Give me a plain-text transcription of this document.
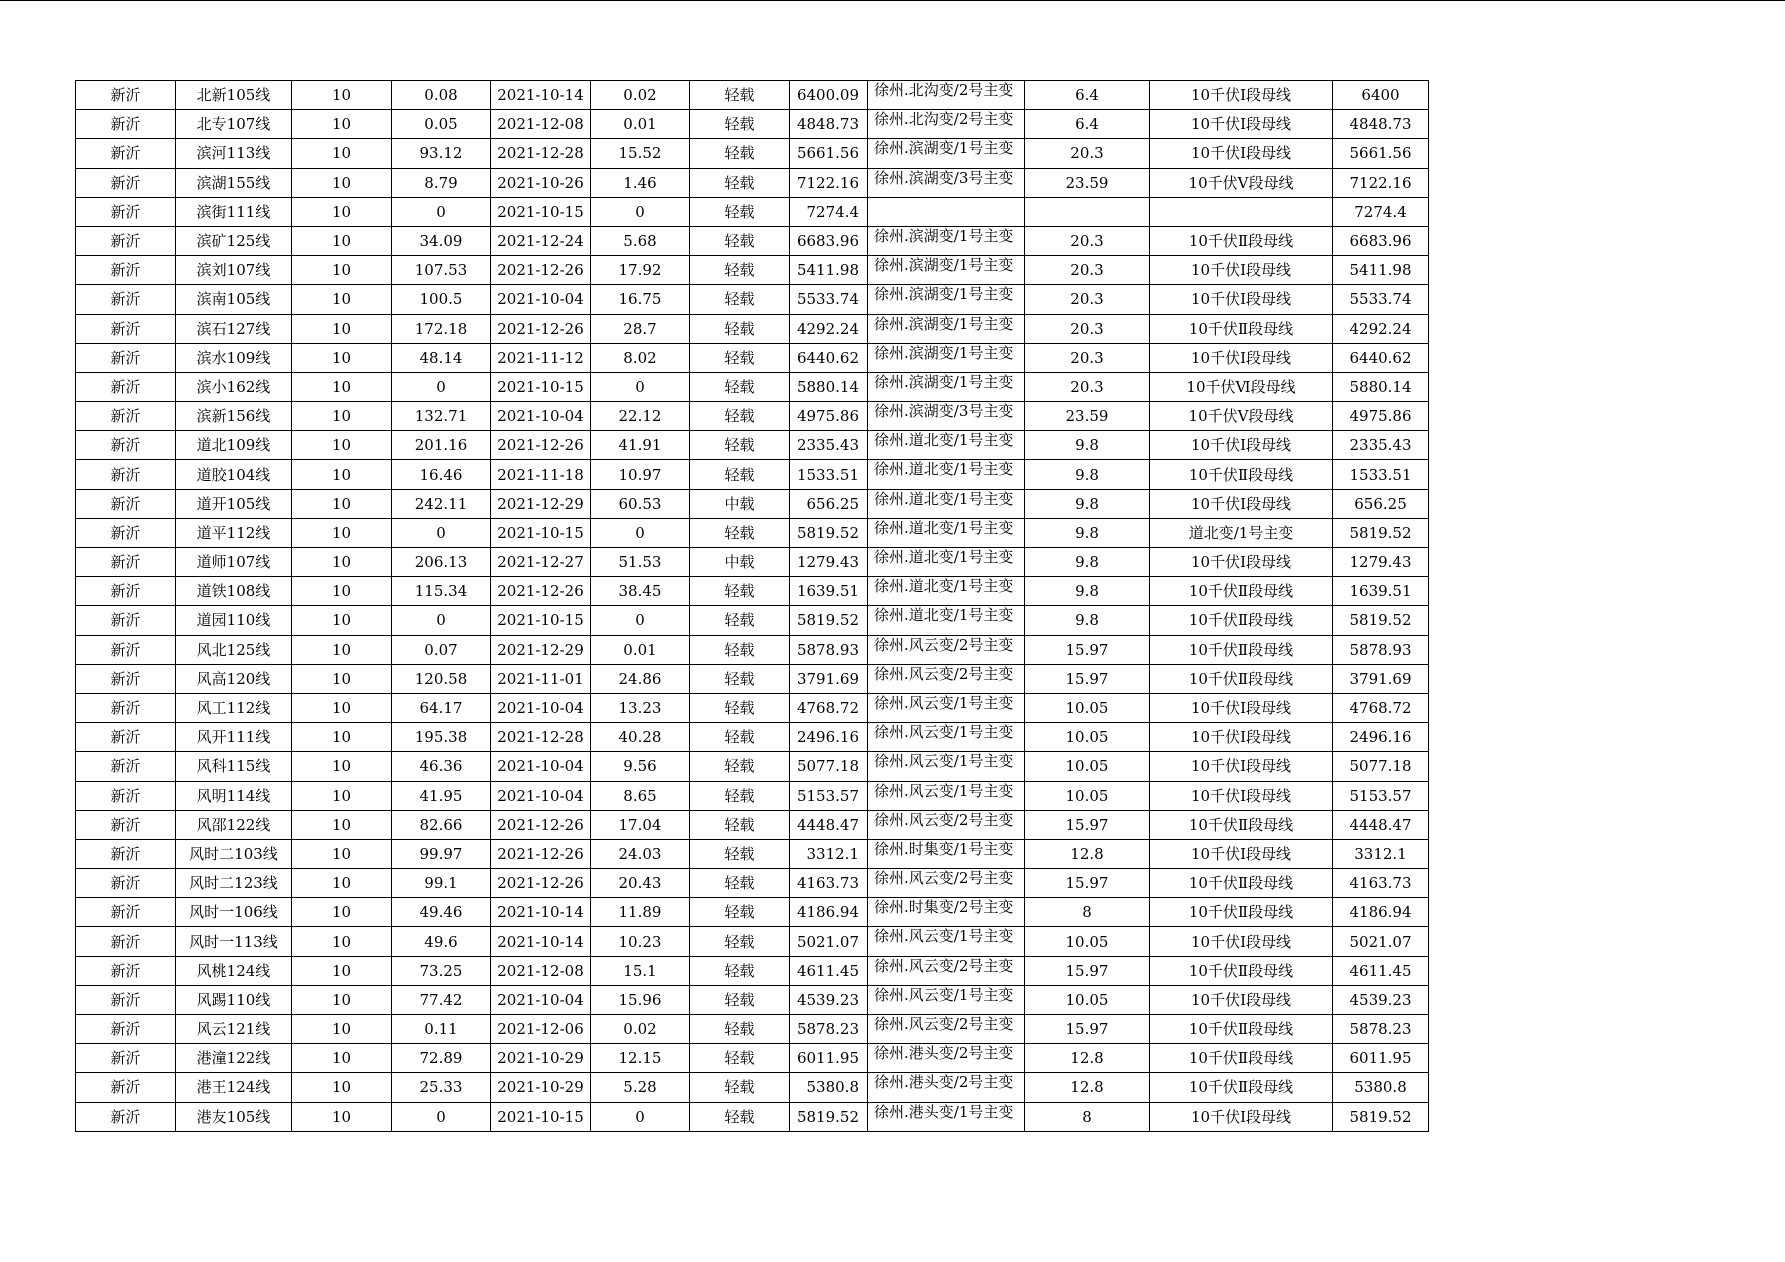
新沂	北新105线	10	0.08	2021-10-14	0.02	轻载	6400.09	徐州.北沟变/2号主变	6.4	10千伏Ⅰ段母线	6400
新沂	北专107线	10	0.05	2021-12-08	0.01	轻载	4848.73	徐州.北沟变/2号主变	6.4	10千伏Ⅰ段母线	4848.73
新沂	滨河113线	10	93.12	2021-12-28	15.52	轻载	5661.56	徐州.滨湖变/1号主变	20.3	10千伏Ⅰ段母线	5661.56
新沂	滨湖155线	10	8.79	2021-10-26	1.46	轻载	7122.16	徐州.滨湖变/3号主变	23.59	10千伏Ⅴ段母线	7122.16
新沂	滨街111线	10	0	2021-10-15	0	轻载	7274.4				7274.4
新沂	滨矿125线	10	34.09	2021-12-24	5.68	轻载	6683.96	徐州.滨湖变/1号主变	20.3	10千伏Ⅱ段母线	6683.96
新沂	滨刘107线	10	107.53	2021-12-26	17.92	轻载	5411.98	徐州.滨湖变/1号主变	20.3	10千伏Ⅰ段母线	5411.98
新沂	滨南105线	10	100.5	2021-10-04	16.75	轻载	5533.74	徐州.滨湖变/1号主变	20.3	10千伏Ⅰ段母线	5533.74
新沂	滨石127线	10	172.18	2021-12-26	28.7	轻载	4292.24	徐州.滨湖变/1号主变	20.3	10千伏Ⅱ段母线	4292.24
新沂	滨水109线	10	48.14	2021-11-12	8.02	轻载	6440.62	徐州.滨湖变/1号主变	20.3	10千伏Ⅰ段母线	6440.62
新沂	滨小162线	10	0	2021-10-15	0	轻载	5880.14	徐州.滨湖变/1号主变	20.3	10千伏Ⅵ段母线	5880.14
新沂	滨新156线	10	132.71	2021-10-04	22.12	轻载	4975.86	徐州.滨湖变/3号主变	23.59	10千伏Ⅴ段母线	4975.86
新沂	道北109线	10	201.16	2021-12-26	41.91	轻载	2335.43	徐州.道北变/1号主变	9.8	10千伏Ⅰ段母线	2335.43
新沂	道胶104线	10	16.46	2021-11-18	10.97	轻载	1533.51	徐州.道北变/1号主变	9.8	10千伏Ⅱ段母线	1533.51
新沂	道开105线	10	242.11	2021-12-29	60.53	中载	656.25	徐州.道北变/1号主变	9.8	10千伏Ⅰ段母线	656.25
新沂	道平112线	10	0	2021-10-15	0	轻载	5819.52	徐州.道北变/1号主变	9.8	道北变/1号主变	5819.52
新沂	道师107线	10	206.13	2021-12-27	51.53	中载	1279.43	徐州.道北变/1号主变	9.8	10千伏Ⅰ段母线	1279.43
新沂	道铁108线	10	115.34	2021-12-26	38.45	轻载	1639.51	徐州.道北变/1号主变	9.8	10千伏Ⅱ段母线	1639.51
新沂	道园110线	10	0	2021-10-15	0	轻载	5819.52	徐州.道北变/1号主变	9.8	10千伏Ⅱ段母线	5819.52
新沂	风北125线	10	0.07	2021-12-29	0.01	轻载	5878.93	徐州.风云变/2号主变	15.97	10千伏Ⅱ段母线	5878.93
新沂	风高120线	10	120.58	2021-11-01	24.86	轻载	3791.69	徐州.风云变/2号主变	15.97	10千伏Ⅱ段母线	3791.69
新沂	风工112线	10	64.17	2021-10-04	13.23	轻载	4768.72	徐州.风云变/1号主变	10.05	10千伏Ⅰ段母线	4768.72
新沂	风开111线	10	195.38	2021-12-28	40.28	轻载	2496.16	徐州.风云变/1号主变	10.05	10千伏Ⅰ段母线	2496.16
新沂	风科115线	10	46.36	2021-10-04	9.56	轻载	5077.18	徐州.风云变/1号主变	10.05	10千伏Ⅰ段母线	5077.18
新沂	风明114线	10	41.95	2021-10-04	8.65	轻载	5153.57	徐州.风云变/1号主变	10.05	10千伏Ⅰ段母线	5153.57
新沂	风邵122线	10	82.66	2021-12-26	17.04	轻载	4448.47	徐州.风云变/2号主变	15.97	10千伏Ⅱ段母线	4448.47
新沂	风时二103线	10	99.97	2021-12-26	24.03	轻载	3312.1	徐州.时集变/1号主变	12.8	10千伏Ⅰ段母线	3312.1
新沂	风时二123线	10	99.1	2021-12-26	20.43	轻载	4163.73	徐州.风云变/2号主变	15.97	10千伏Ⅱ段母线	4163.73
新沂	风时一106线	10	49.46	2021-10-14	11.89	轻载	4186.94	徐州.时集变/2号主变	8	10千伏Ⅱ段母线	4186.94
新沂	风时一113线	10	49.6	2021-10-14	10.23	轻载	5021.07	徐州.风云变/1号主变	10.05	10千伏Ⅰ段母线	5021.07
新沂	风桃124线	10	73.25	2021-12-08	15.1	轻载	4611.45	徐州.风云变/2号主变	15.97	10千伏Ⅱ段母线	4611.45
新沂	风踢110线	10	77.42	2021-10-04	15.96	轻载	4539.23	徐州.风云变/1号主变	10.05	10千伏Ⅰ段母线	4539.23
新沂	风云121线	10	0.11	2021-12-06	0.02	轻载	5878.23	徐州.风云变/2号主变	15.97	10千伏Ⅱ段母线	5878.23
新沂	港潼122线	10	72.89	2021-10-29	12.15	轻载	6011.95	徐州.港头变/2号主变	12.8	10千伏Ⅱ段母线	6011.95
新沂	港王124线	10	25.33	2021-10-29	5.28	轻载	5380.8	徐州.港头变/2号主变	12.8	10千伏Ⅱ段母线	5380.8
新沂	港友105线	10	0	2021-10-15	0	轻载	5819.52	徐州.港头变/1号主变	8	10千伏Ⅰ段母线	5819.52
